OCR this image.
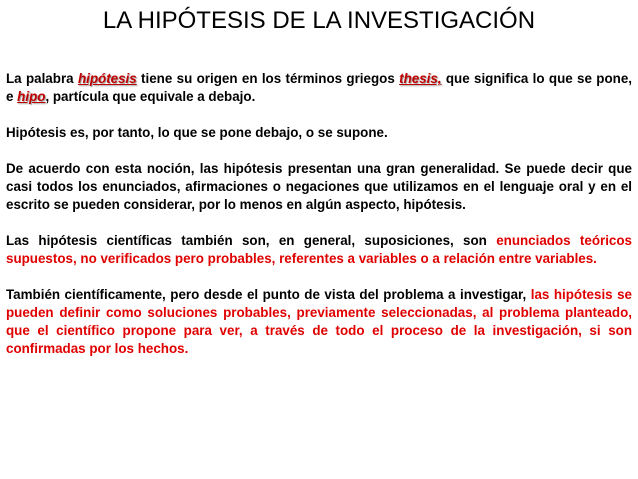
LA HIPÓTESIS DE LA INVESTIGACIÓN

La palabra hipótesis tiene su origen en los términos griegos thesis, que significa lo que se pone, e hipo, partícula que equivale a debajo.

Hipótesis es, por tanto, lo que se pone debajo, o se supone.

De acuerdo con esta noción, las hipótesis presentan una gran generalidad. Se puede decir que casi todos los enunciados, afirmaciones o negaciones que utilizamos en el lenguaje oral y en el escrito se pueden considerar, por lo menos en algún aspecto, hipótesis.

Las hipótesis científicas también son, en general, suposiciones, son enunciados teóricos supuestos, no verificados pero probables, referentes a variables o a relación entre variables.

También científicamente, pero desde el punto de vista del problema a investigar, las hipótesis se pueden definir como soluciones probables, previamente seleccionadas, al problema planteado, que el científico propone para ver, a través de todo el proceso de la investigación, si son confirmadas por los hechos.
